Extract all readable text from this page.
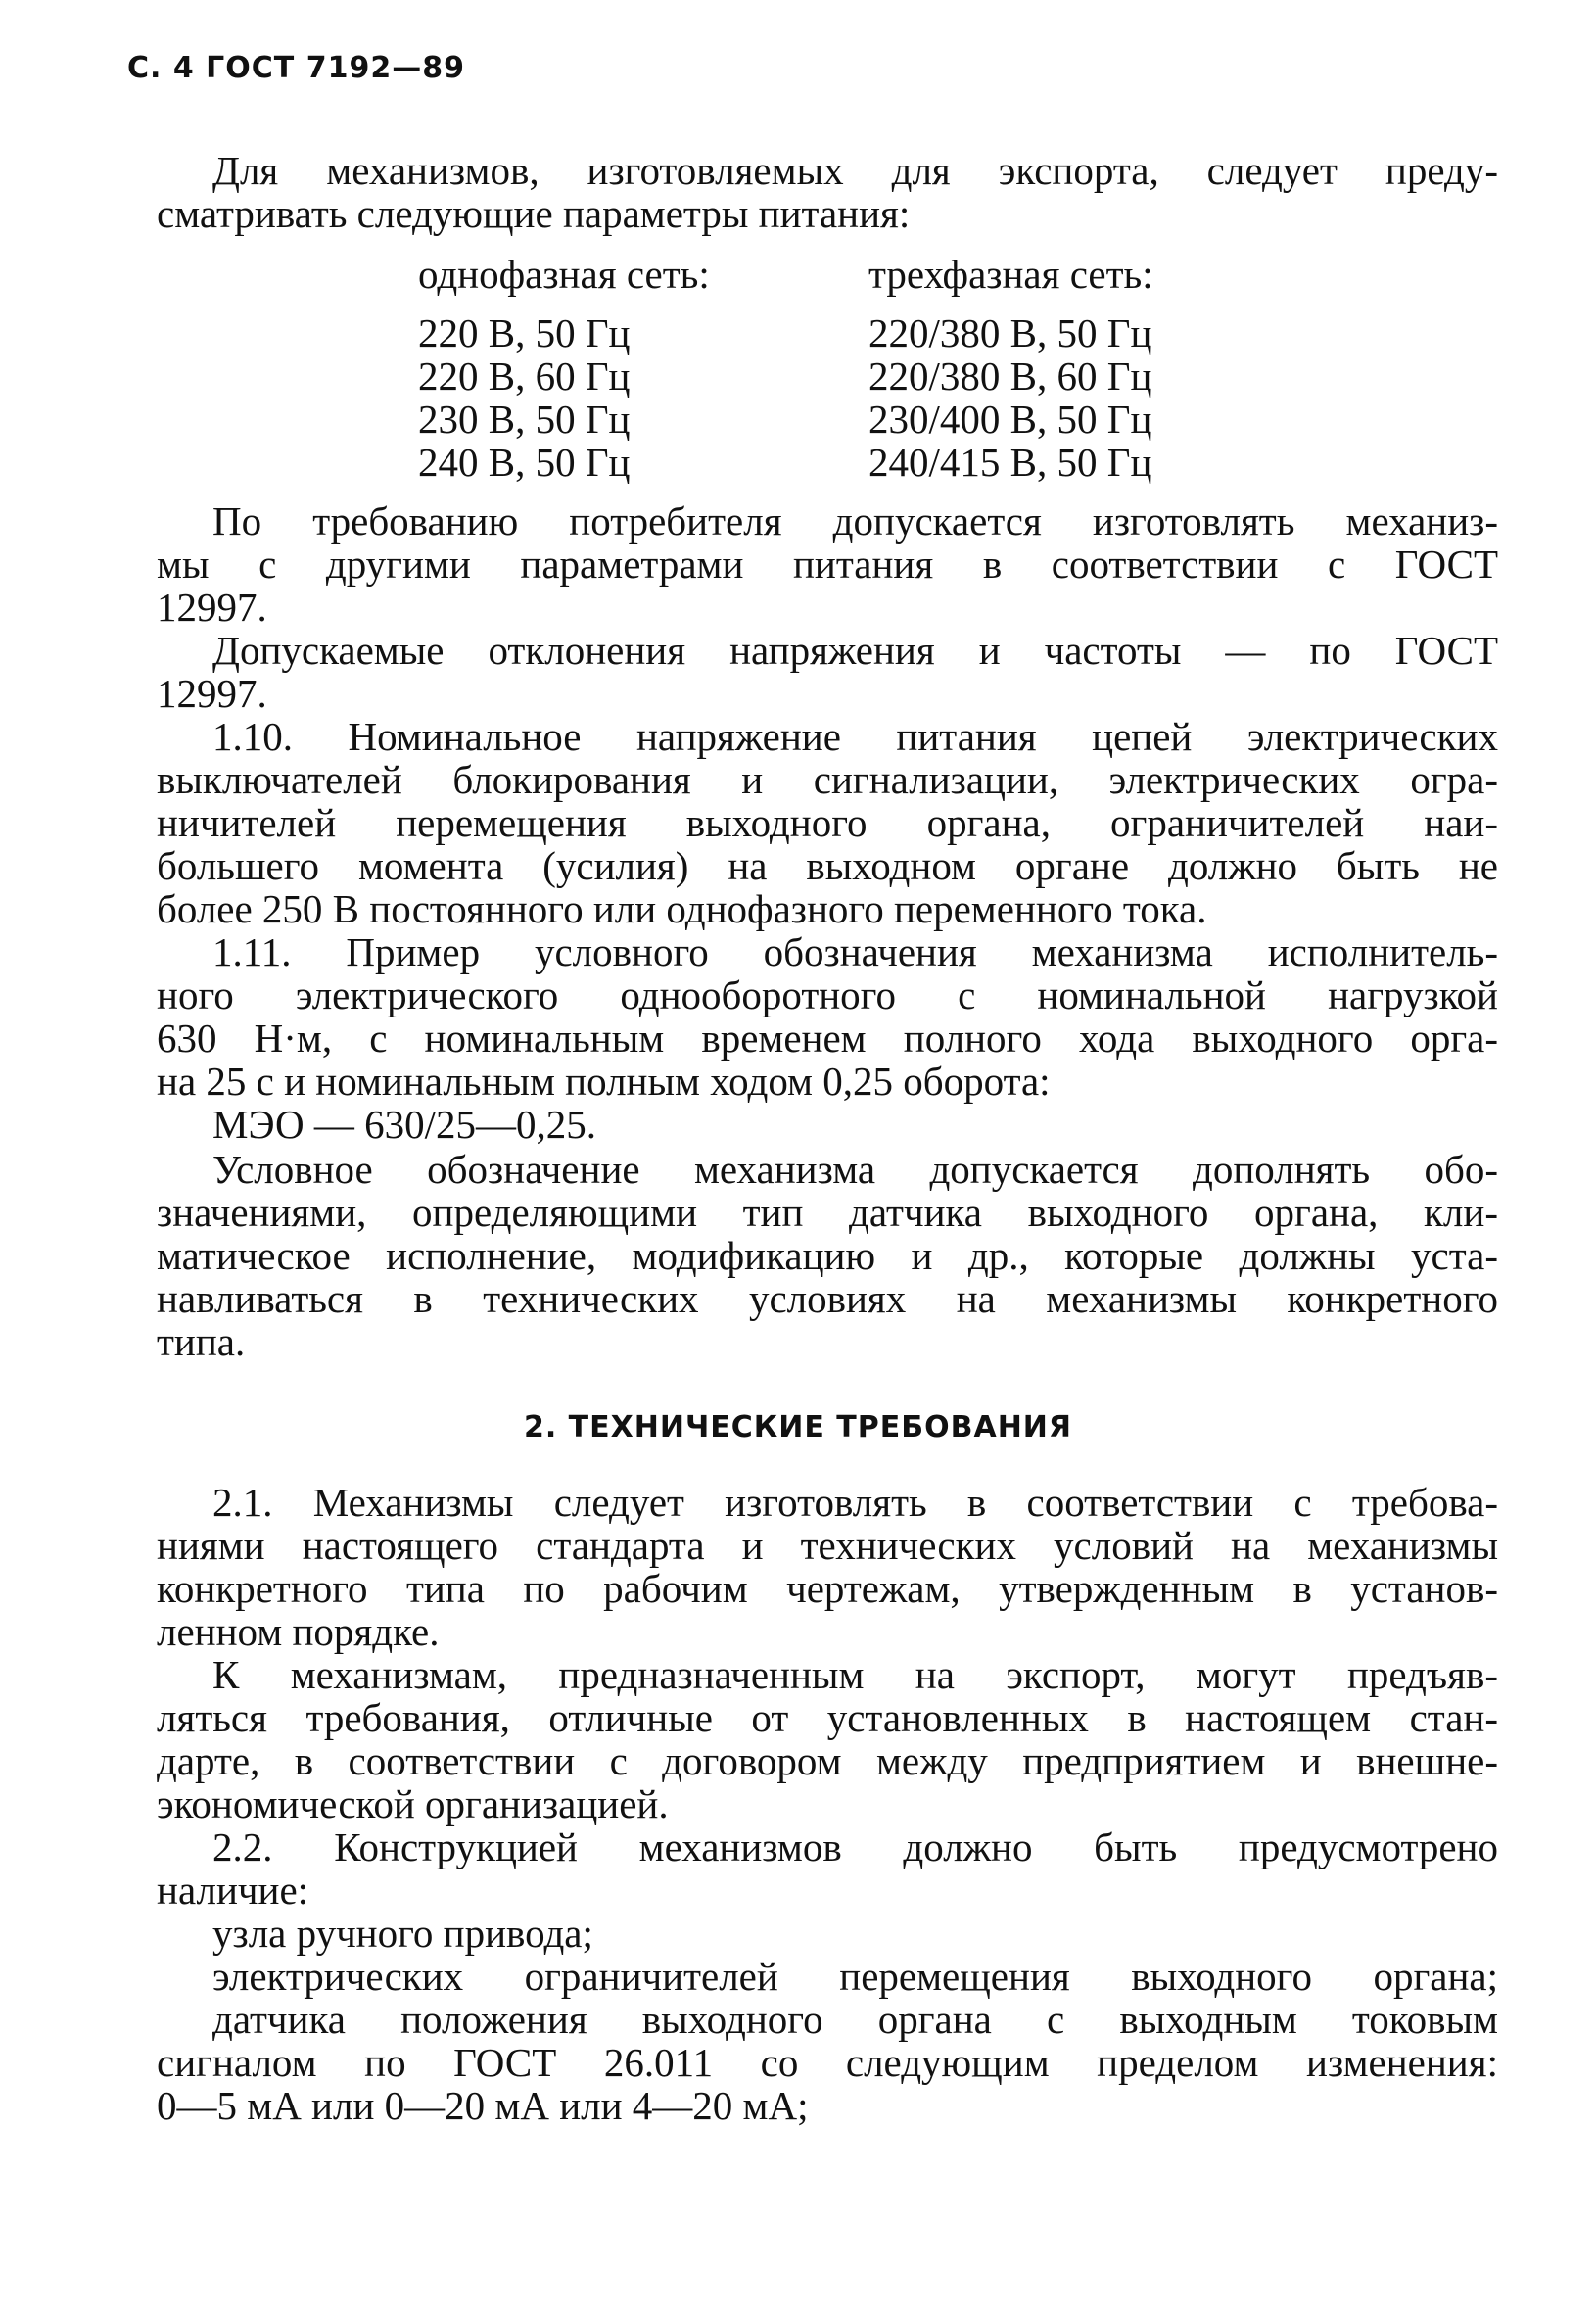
С. 4 ГОСТ 7192—89
Для механизмов, изготовляемых для экспорта, следует преду-
сматривать следующие параметры питания:
однофазная сеть:
220 В, 50 Гц
220 В, 60 Гц
230 В, 50 Гц
240 В, 50 Гц
трехфазная сеть:
220/380 В, 50 Гц
220/380 В, 60 Гц
230/400 В, 50 Гц
240/415 В, 50 Гц
По требованию потребителя допускается изготовлять механиз-
мы с другими параметрами питания в соответствии с ГОСТ
12997.
Допускаемые отклонения напряжения и частоты — по ГОСТ
12997.
1.10. Номинальное напряжение питания цепей электрических
выключателей блокирования и сигнализации, электрических огра-
ничителей перемещения выходного органа, ограничителей наи-
большего момента (усилия) на выходном органе должно быть не
более 250 В постоянного или однофазного переменного тока.
1.11. Пример условного обозначения механизма исполнитель-
ного электрического однооборотного с номинальной нагрузкой
630 Н·м, с номинальным временем полного хода выходного орга-
на 25 с и номинальным полным ходом 0,25 оборота:
МЭО — 630/25—0,25.
Условное обозначение механизма допускается дополнять обо-
значениями, определяющими тип датчика выходного органа, кли-
матическое исполнение, модификацию и др., которые должны уста-
навливаться в технических условиях на механизмы конкретного
типа.
2. ТЕХНИЧЕСКИЕ ТРЕБОВАНИЯ
2.1. Механизмы следует изготовлять в соответствии с требова-
ниями настоящего стандарта и технических условий на механизмы
конкретного типа по рабочим чертежам, утвержденным в установ-
ленном порядке.
К механизмам, предназначенным на экспорт, могут предъяв-
ляться требования, отличные от установленных в настоящем стан-
дарте, в соответствии с договором между предприятием и внешне-
экономической организацией.
2.2. Конструкцией механизмов должно быть предусмотрено
наличие:
узла ручного привода;
электрических ограничителей перемещения выходного органа;
датчика положения выходного органа с выходным токовым
сигналом по ГОСТ 26.011 со следующим пределом изменения:
0—5 мА или 0—20 мА или 4—20 мА;
